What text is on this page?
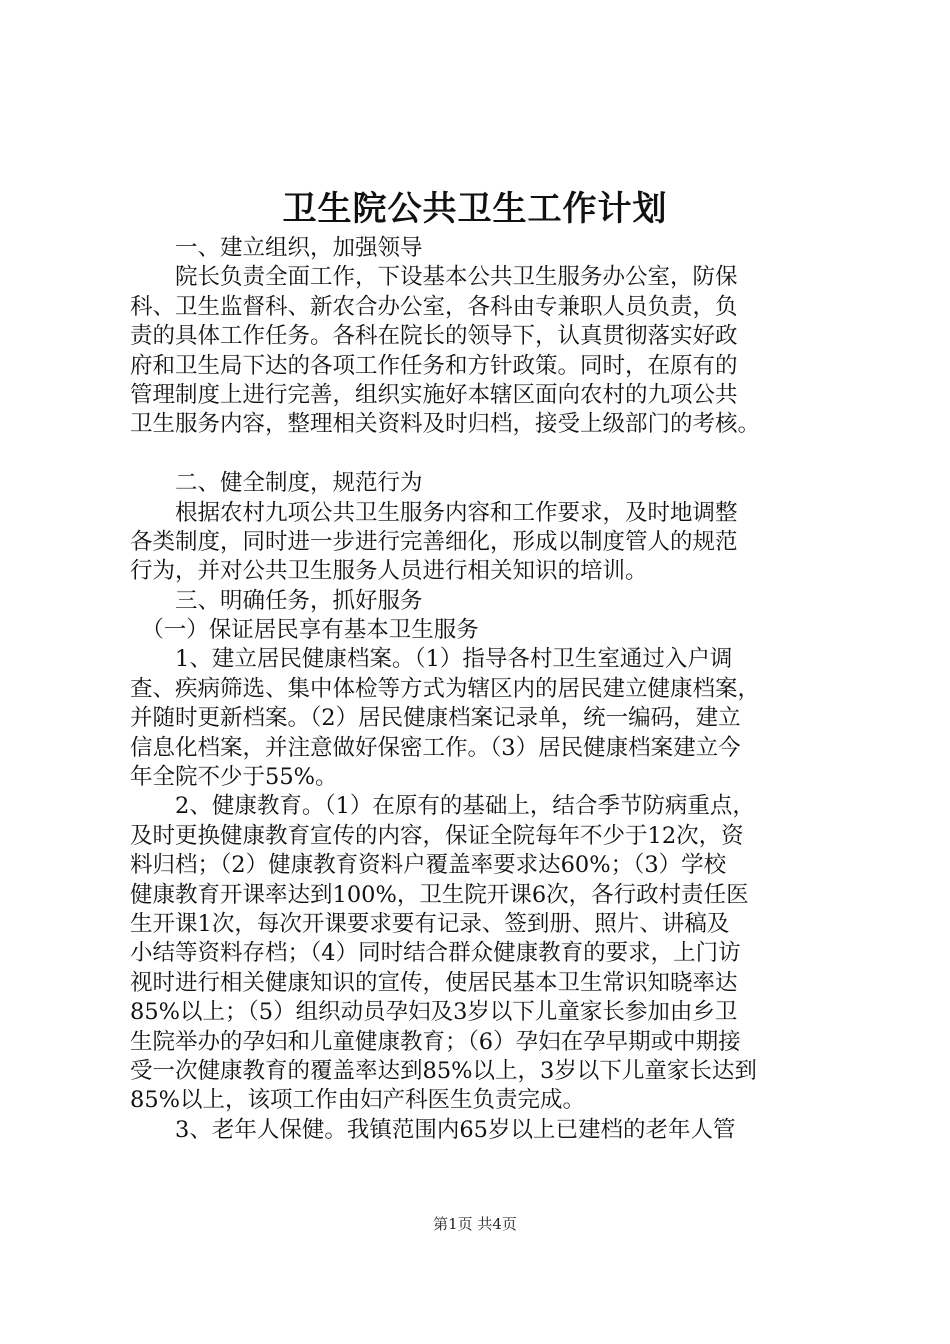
卫生院公共卫生工作计划
　　一、建立组织，加强领导
　　院长负责全面工作，下设基本公共卫生服务办公室，防保
科、卫生监督科、新农合办公室，各科由专兼职人员负责，负
责的具体工作任务。各科在院长的领导下，认真贯彻落实好政
府和卫生局下达的各项工作任务和方针政策。同时，在原有的
管理制度上进行完善，组织实施好本辖区面向农村的九项公共
卫生服务内容，整理相关资料及时归档，接受上级部门的考核。
　　二、健全制度，规范行为
　　根据农村九项公共卫生服务内容和工作要求，及时地调整
各类制度，同时进一步进行完善细化，形成以制度管人的规范
行为，并对公共卫生服务人员进行相关知识的培训。
　　三、明确任务，抓好服务
　（一）保证居民享有基本卫生服务
　　1、建立居民健康档案。（1）指导各村卫生室通过入户调
查、疾病筛选、集中体检等方式为辖区内的居民建立健康档案，
并随时更新档案。（2）居民健康档案记录单，统一编码，建立
信息化档案，并注意做好保密工作。（3）居民健康档案建立今
年全院不少于55%。
　　2、健康教育。（1）在原有的基础上，结合季节防病重点，
及时更换健康教育宣传的内容，保证全院每年不少于12次，资
料归档；（2）健康教育资料户覆盖率要求达60%；（3）学校
健康教育开课率达到100%，卫生院开课6次，各行政村责任医
生开课1次，每次开课要求要有记录、签到册、照片、讲稿及
小结等资料存档；（4）同时结合群众健康教育的要求，上门访
视时进行相关健康知识的宣传，使居民基本卫生常识知晓率达
85%以上；（5）组织动员孕妇及3岁以下儿童家长参加由乡卫
生院举办的孕妇和儿童健康教育；（6）孕妇在孕早期或中期接
受一次健康教育的覆盖率达到85%以上，3岁以下儿童家长达到
85%以上，该项工作由妇产科医生负责完成。
　　3、老年人保健。我镇范围内65岁以上已建档的老年人管
第1页 共4页
